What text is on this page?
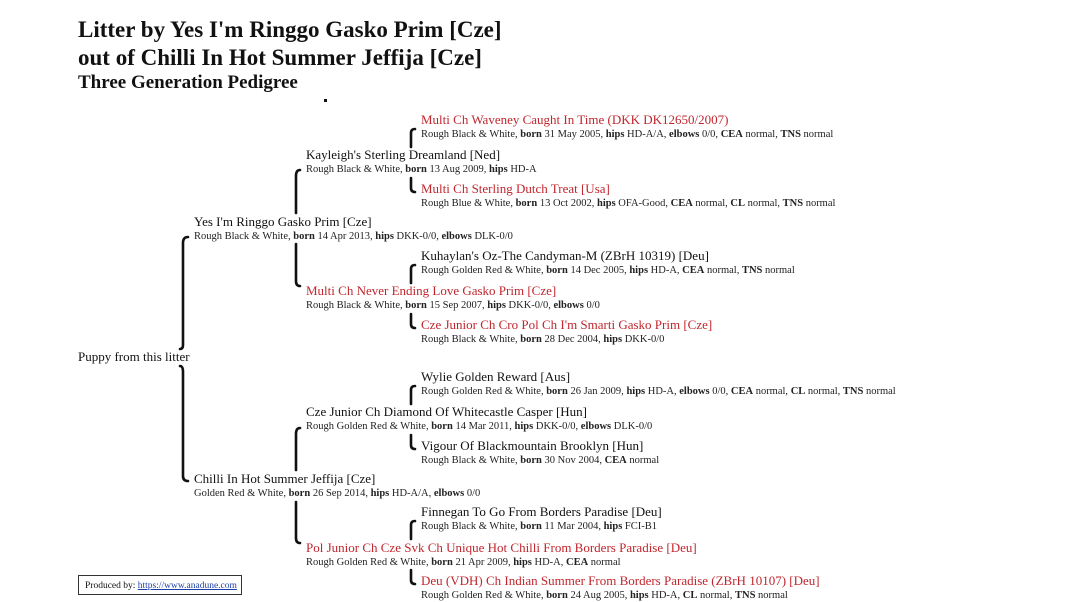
Litter by Yes I'm Ringgo Gasko Prim [Cze]
out of Chilli In Hot Summer Jeffija [Cze]
Three Generation Pedigree
Puppy from this litter
Yes I'm Ringgo Gasko Prim [Cze]
Rough Black & White, born 14 Apr 2013, hips DKK-0/0, elbows DLK-0/0
Chilli In Hot Summer Jeffija [Cze]
Golden Red & White, born 26 Sep 2014, hips HD-A/A, elbows 0/0
Kayleigh's Sterling Dreamland [Ned]
Rough Black & White, born 13 Aug 2009, hips HD-A
Multi Ch Never Ending Love Gasko Prim [Cze]
Rough Black & White, born 15 Sep 2007, hips DKK-0/0, elbows 0/0
Cze Junior Ch Diamond Of Whitecastle Casper [Hun]
Rough Golden Red & White, born 14 Mar 2011, hips DKK-0/0, elbows DLK-0/0
Pol Junior Ch Cze Svk Ch Unique Hot Chilli From Borders Paradise [Deu]
Rough Golden Red & White, born 21 Apr 2009, hips HD-A, CEA normal
Multi Ch Waveney Caught In Time (DKK DK12650/2007)
Rough Black & White, born 31 May 2005, hips HD-A/A, elbows 0/0, CEA normal, TNS normal
Multi Ch Sterling Dutch Treat [Usa]
Rough Blue & White, born 13 Oct 2002, hips OFA-Good, CEA normal, CL normal, TNS normal
Kuhaylan's Oz-The Candyman-M (ZBrH 10319) [Deu]
Rough Golden Red & White, born 14 Dec 2005, hips HD-A, CEA normal, TNS normal
Cze Junior Ch Cro Pol Ch I'm Smarti Gasko Prim [Cze]
Rough Black & White, born 28 Dec 2004, hips DKK-0/0
Wylie Golden Reward [Aus]
Rough Golden Red & White, born 26 Jan 2009, hips HD-A, elbows 0/0, CEA normal, CL normal, TNS normal
Vigour Of Blackmountain Brooklyn [Hun]
Rough Black & White, born 30 Nov 2004, CEA normal
Finnegan To Go From Borders Paradise [Deu]
Rough Black & White, born 11 Mar 2004, hips FCI-B1
Deu (VDH) Ch Indian Summer From Borders Paradise (ZBrH 10107) [Deu]
Rough Golden Red & White, born 24 Aug 2005, hips HD-A, CL normal, TNS normal
Produced by: https://www.anadune.com
